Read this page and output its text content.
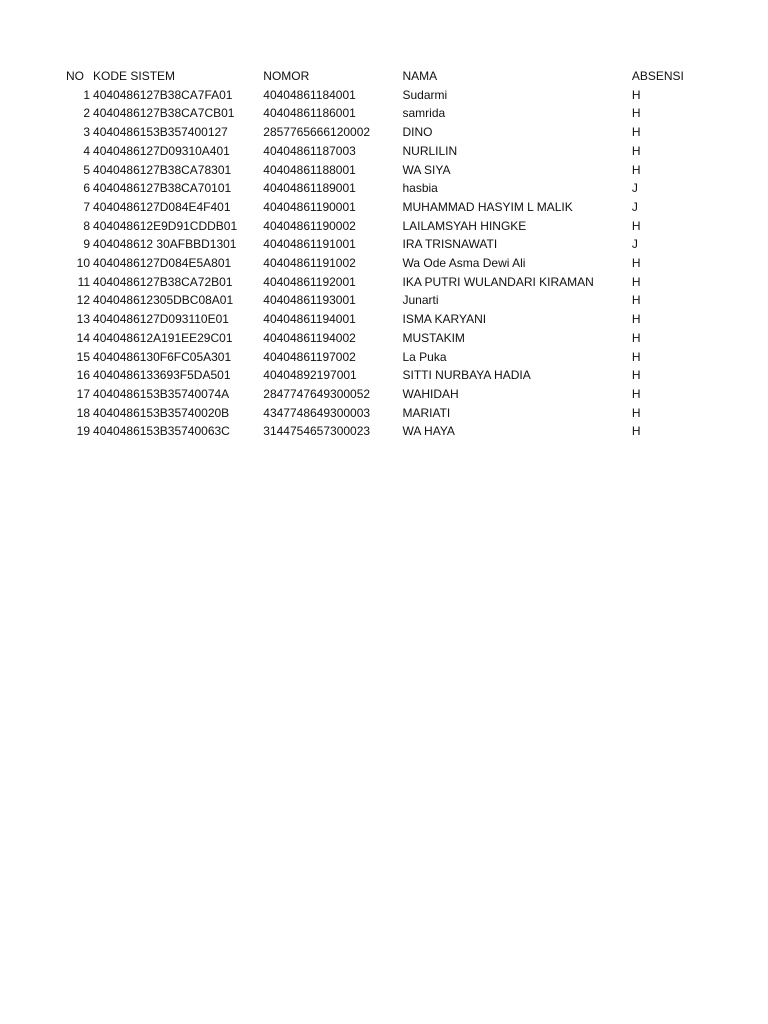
NO	KODE SISTEM	NOMOR	NAMA	ABSENSI
1	4040486127B38CA7FA01	40404861184001	Sudarmi	H
2	4040486127B38CA7CB01	40404861186001	samrida	H
3	4040486153B357400127	2857765666120002	DINO	H
4	4040486127D09310A401	40404861187003	NURLILIN	H
5	4040486127B38CA78301	40404861188001	WA SIYA	H
6	4040486127B38CA70101	40404861189001	hasbia	J
7	4040486127D084E4F401	40404861190001	MUHAMMAD HASYIM L MALIK	J
8	404048612E9D91CDDB01	40404861190002	LAILAMSYAH HINGKE	H
9	404048612 30AFBBD1301	40404861191001	IRA TRISNAWATI	J
10	4040486127D084E5A801	40404861191002	Wa Ode Asma Dewi Ali	H
11	4040486127B38CA72B01	40404861192001	IKA PUTRI WULANDARI KIRAMAN	H
12	404048612305DBC08A01	40404861193001	Junarti	H
13	4040486127D093110E01	40404861194001	ISMA KARYANI	H
14	404048612A191EE29C01	40404861194002	MUSTAKIM	H
15	4040486130F6FC05A301	40404861197002	La Puka	H
16	4040486133693F5DA501	40404892197001	SITTI NURBAYA HADIA	H
17	4040486153B35740074A	2847747649300052	WAHIDAH	H
18	4040486153B35740020B	4347748649300003	MARIATI	H
19	4040486153B35740063C	3144754657300023	WA HAYA	H
